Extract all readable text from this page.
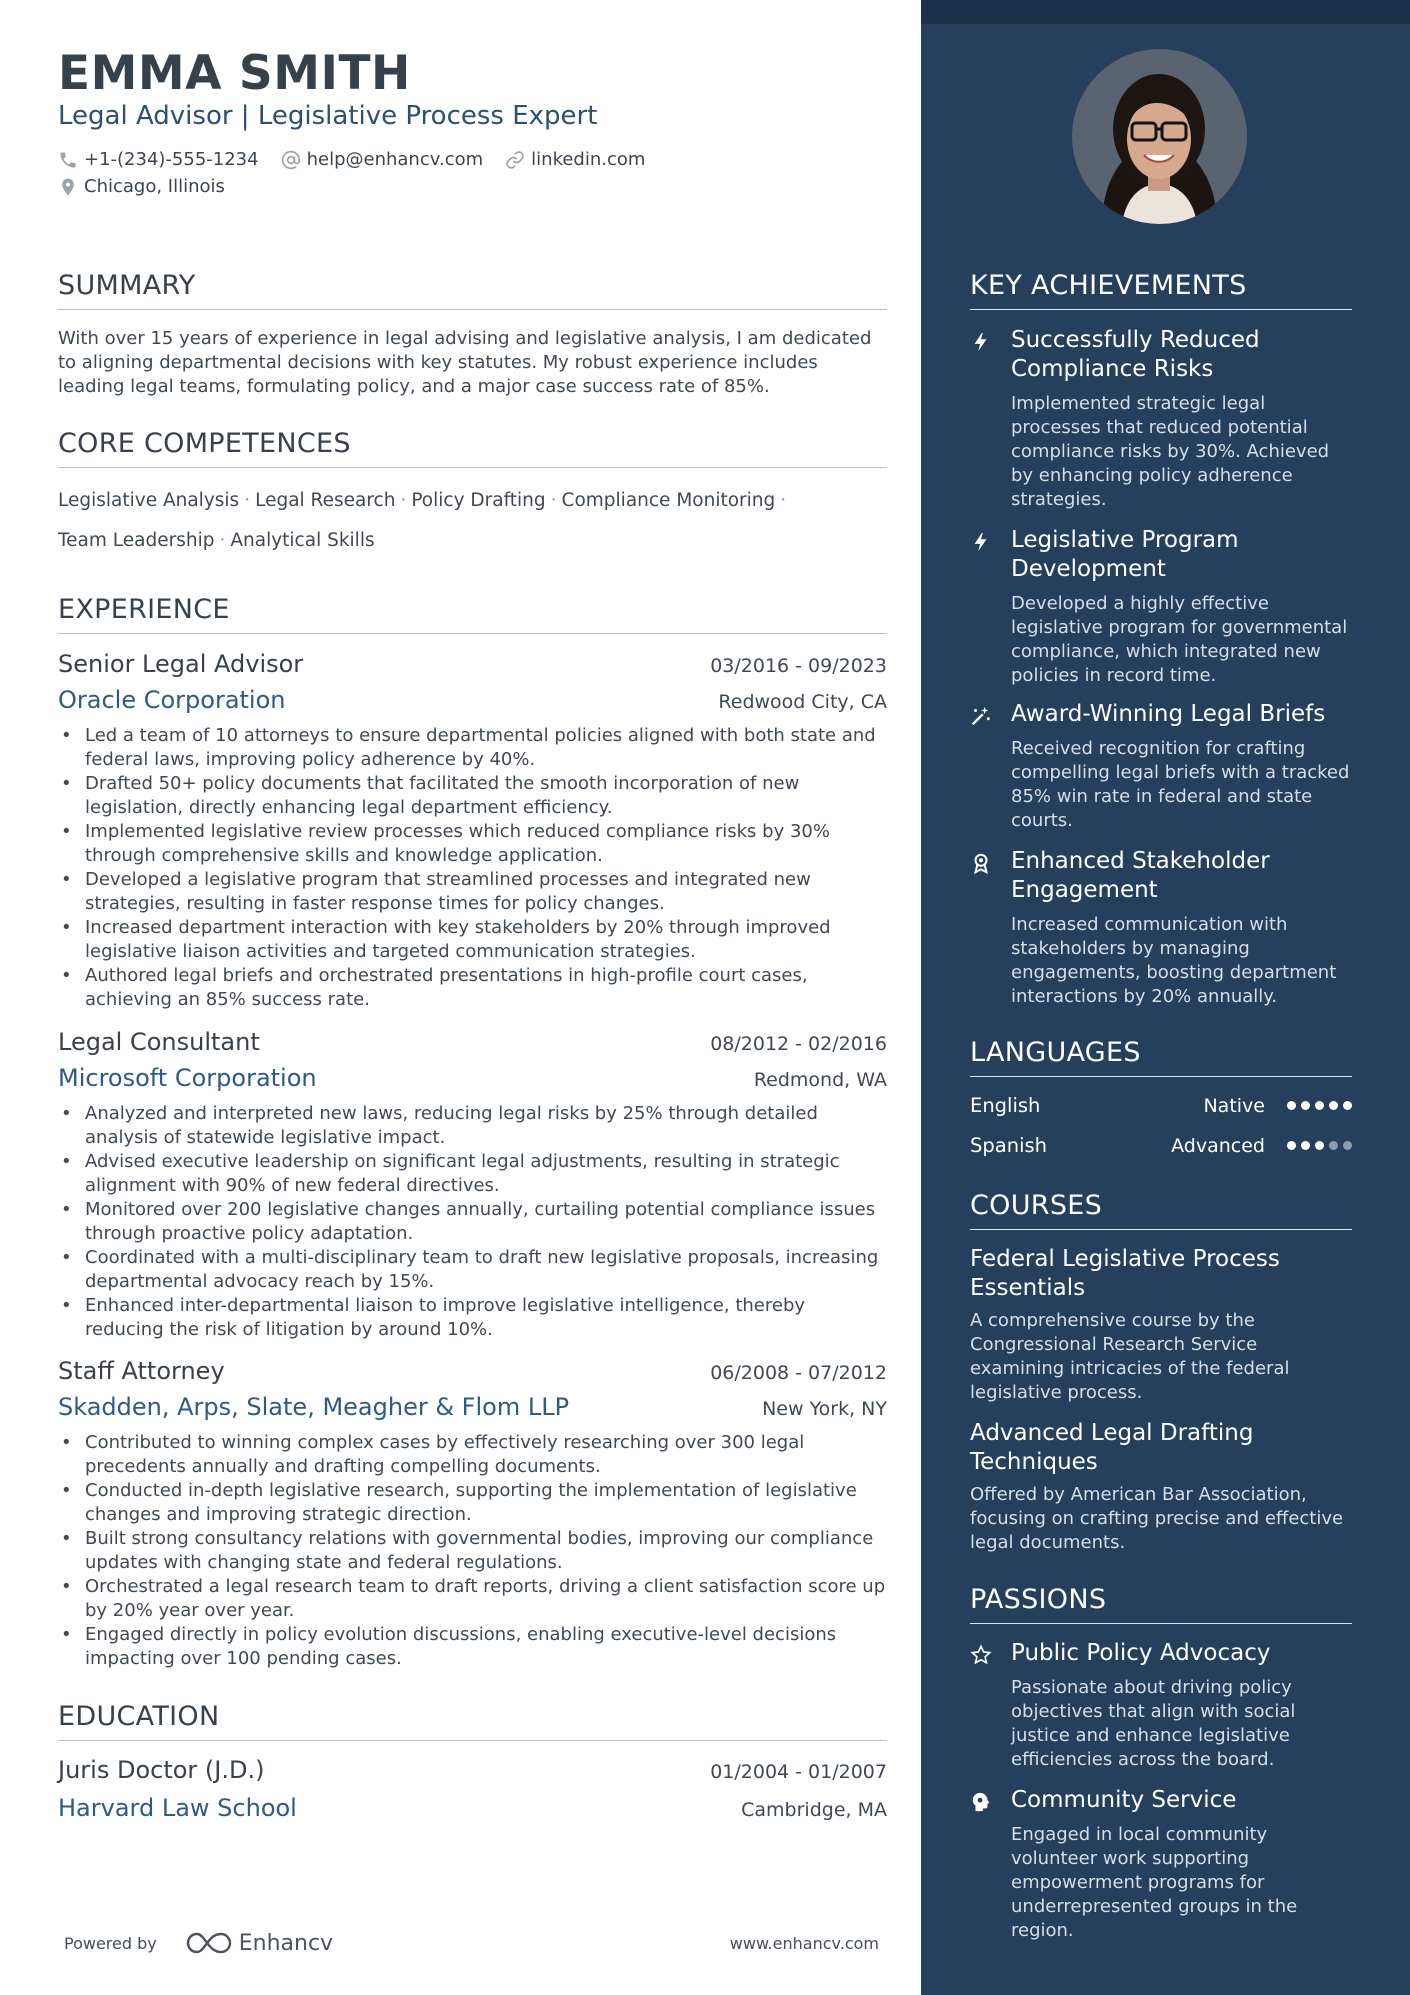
EMMA SMITH
Legal Advisor | Legislative Process Expert
+1-(234)-555-1234	help@enhancv.com	linkedin.com
Chicago, Illinois
SUMMARY
With over 15 years of experience in legal advising and legislative analysis, I am dedicated to aligning departmental decisions with key statutes. My robust experience includes leading legal teams, formulating policy, and a major case success rate of 85%.
CORE COMPETENCES
Legislative Analysis · Legal Research · Policy Drafting · Compliance Monitoring ·
Team Leadership · Analytical Skills
EXPERIENCE
Senior Legal Advisor	03/2016 - 09/2023
Oracle Corporation	Redwood City, CA
• Led a team of 10 attorneys to ensure departmental policies aligned with both state and federal laws, improving policy adherence by 40%.
• Drafted 50+ policy documents that facilitated the smooth incorporation of new legislation, directly enhancing legal department efficiency.
• Implemented legislative review processes which reduced compliance risks by 30% through comprehensive skills and knowledge application.
• Developed a legislative program that streamlined processes and integrated new strategies, resulting in faster response times for policy changes.
• Increased department interaction with key stakeholders by 20% through improved legislative liaison activities and targeted communication strategies.
• Authored legal briefs and orchestrated presentations in high-profile court cases, achieving an 85% success rate.
Legal Consultant	08/2012 - 02/2016
Microsoft Corporation	Redmond, WA
• Analyzed and interpreted new laws, reducing legal risks by 25% through detailed analysis of statewide legislative impact.
• Advised executive leadership on significant legal adjustments, resulting in strategic alignment with 90% of new federal directives.
• Monitored over 200 legislative changes annually, curtailing potential compliance issues through proactive policy adaptation.
• Coordinated with a multi-disciplinary team to draft new legislative proposals, increasing departmental advocacy reach by 15%.
• Enhanced inter-departmental liaison to improve legislative intelligence, thereby reducing the risk of litigation by around 10%.
Staff Attorney	06/2008 - 07/2012
Skadden, Arps, Slate, Meagher & Flom LLP	New York, NY
• Contributed to winning complex cases by effectively researching over 300 legal precedents annually and drafting compelling documents.
• Conducted in-depth legislative research, supporting the implementation of legislative changes and improving strategic direction.
• Built strong consultancy relations with governmental bodies, improving our compliance updates with changing state and federal regulations.
• Orchestrated a legal research team to draft reports, driving a client satisfaction score up by 20% year over year.
• Engaged directly in policy evolution discussions, enabling executive-level decisions impacting over 100 pending cases.
EDUCATION
Juris Doctor (J.D.)	01/2004 - 01/2007
Harvard Law School	Cambridge, MA
Powered by	Enhancv	www.enhancv.com
KEY ACHIEVEMENTS
Successfully Reduced Compliance Risks
Implemented strategic legal processes that reduced potential compliance risks by 30%. Achieved by enhancing policy adherence strategies.
Legislative Program Development
Developed a highly effective legislative program for governmental compliance, which integrated new policies in record time.
Award-Winning Legal Briefs
Received recognition for crafting compelling legal briefs with a tracked 85% win rate in federal and state courts.
Enhanced Stakeholder Engagement
Increased communication with stakeholders by managing engagements, boosting department interactions by 20% annually.
LANGUAGES
English	Native
Spanish	Advanced
COURSES
Federal Legislative Process Essentials
A comprehensive course by the Congressional Research Service examining intricacies of the federal legislative process.
Advanced Legal Drafting Techniques
Offered by American Bar Association, focusing on crafting precise and effective legal documents.
PASSIONS
Public Policy Advocacy
Passionate about driving policy objectives that align with social justice and enhance legislative efficiencies across the board.
Community Service
Engaged in local community volunteer work supporting empowerment programs for underrepresented groups in the region.
